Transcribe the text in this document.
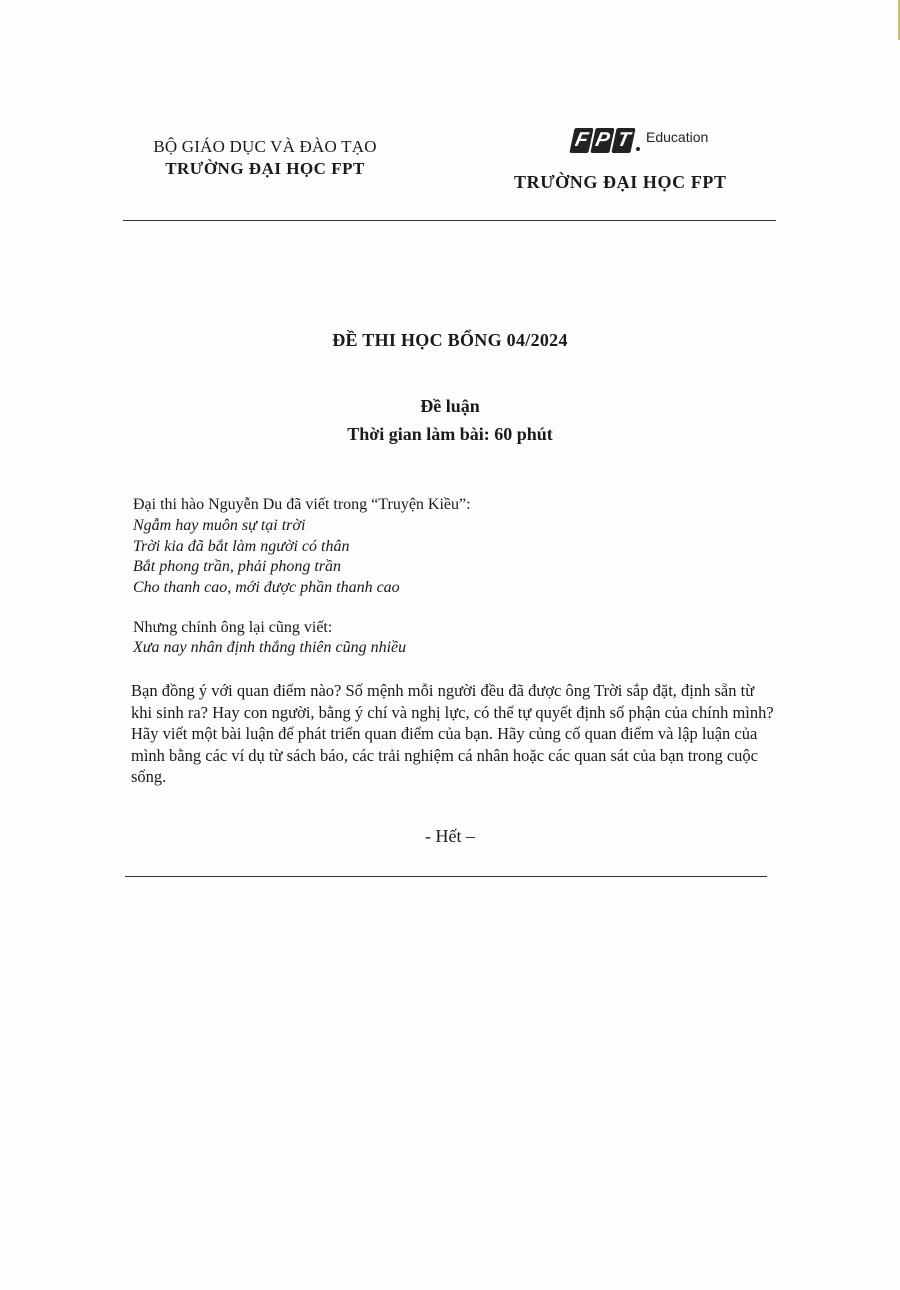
BỘ GIÁO DỤC VÀ ĐÀO TẠO
TRƯỜNG ĐẠI HỌC FPT
F P T Education
TRƯỜNG ĐẠI HỌC FPT
ĐỀ THI HỌC BỔNG 04/2024
Đề luận
Thời gian làm bài: 60 phút
Đại thi hào Nguyễn Du đã viết trong “Truyện Kiều”:
Ngẫm hay muôn sự tại trời
Trời kia đã bắt làm người có thân
Bắt phong trần, phải phong trần
Cho thanh cao, mới được phần thanh cao
Nhưng chính ông lại cũng viết:
Xưa nay nhân định thắng thiên cũng nhiều

Bạn đồng ý với quan điểm nào? Số mệnh mỗi người đều đã được ông Trời sắp đặt, định sẵn từ khi sinh ra? Hay con người, bằng ý chí và nghị lực, có thể tự quyết định số phận của chính mình?

Hãy viết một bài luận để phát triển quan điểm của bạn. Hãy củng cố quan điểm và lập luận của mình bằng các ví dụ từ sách báo, các trải nghiệm cá nhân hoặc các quan sát của bạn trong cuộc sống.

- Hết –
